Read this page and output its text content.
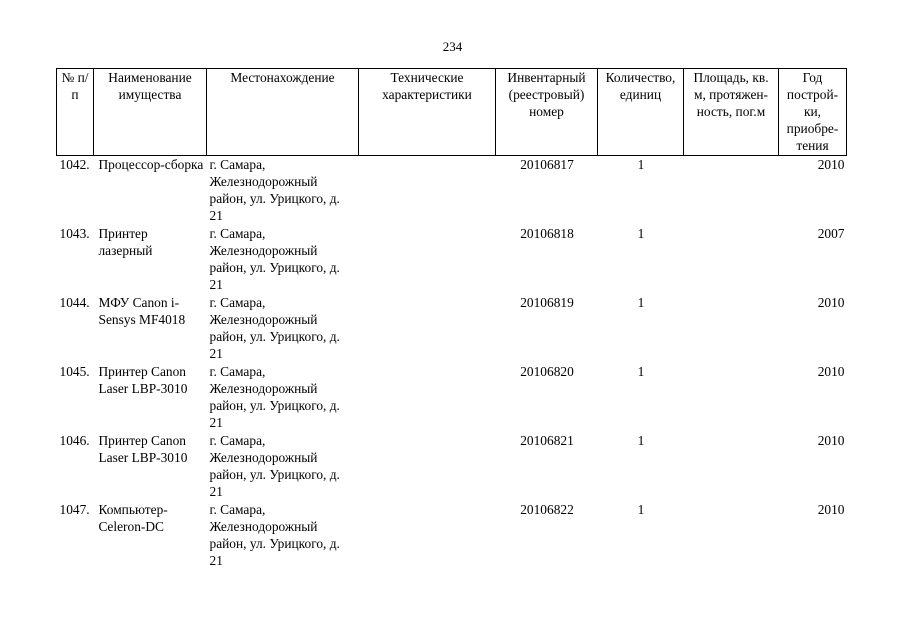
234
№ п/п	Наименование имущества	Местонахождение	Технические характеристики	Инвентарный (реестровый) номер	Количество, единиц	Площадь, кв. м, протяжен-ность, пог.м	Год построй-ки, приобре-тения
1042.	Процессор-сборка	г. Самара, Железнодорожный район, ул. Урицкого, д. 21		20106817	1		2010
1043.	Принтер лазерный	г. Самара, Железнодорожный район, ул. Урицкого, д. 21		20106818	1		2007
1044.	МФУ Canon i-Sensys MF4018	г. Самара, Железнодорожный район, ул. Урицкого, д. 21		20106819	1		2010
1045.	Принтер Canon Laser LBP-3010	г. Самара, Железнодорожный район, ул. Урицкого, д. 21		20106820	1		2010
1046.	Принтер Canon Laser LBP-3010	г. Самара, Железнодорожный район, ул. Урицкого, д. 21		20106821	1		2010
1047.	Компьютер-Celeron-DC	г. Самара, Железнодорожный район, ул. Урицкого, д. 21		20106822	1		2010
